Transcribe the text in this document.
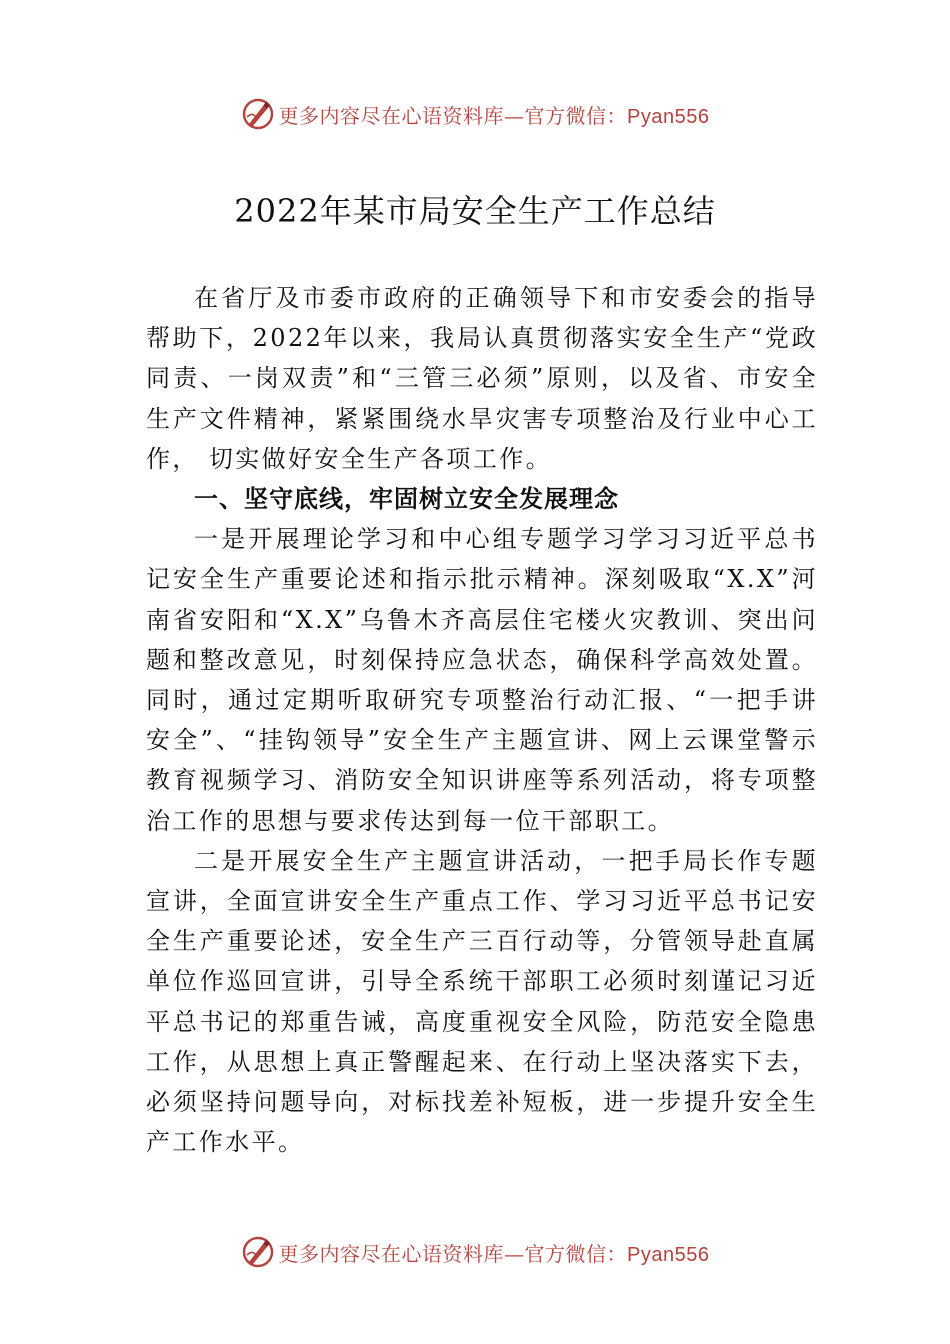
更多内容尽在心语资料库—官方微信：Pyan556
2022年某市局安全生产工作总结

在省厅及市委市政府的正确领导下和市安委会的指导帮助下，2022年以来，我局认真贯彻落实安全生产“党政同责、一岗双责”和“三管三必须”原则，以及省、市安全生产文件精神，紧紧围绕水旱灾害专项整治及行业中心工作， 切实做好安全生产各项工作。

一、坚守底线，牢固树立安全发展理念

一是开展理论学习和中心组专题学习学习习近平总书记安全生产重要论述和指示批示精神。深刻吸取“X.X”河南省安阳和“X.X”乌鲁木齐高层住宅楼火灾教训、突出问题和整改意见，时刻保持应急状态，确保科学高效处置。同时，通过定期听取研究专项整治行动汇报、“一把手讲安全”、“挂钩领导”安全生产主题宣讲、网上云课堂警示教育视频学习、消防安全知识讲座等系列活动，将专项整治工作的思想与要求传达到每一位干部职工。

二是开展安全生产主题宣讲活动，一把手局长作专题宣讲，全面宣讲安全生产重点工作、学习习近平总书记安全生产重要论述，安全生产三百行动等，分管领导赴直属单位作巡回宣讲，引导全系统干部职工必须时刻谨记习近平总书记的郑重告诫，高度重视安全风险，防范安全隐患工作，从思想上真正警醒起来、在行动上坚决落实下去，必须坚持问题导向，对标找差补短板，进一步提升安全生产工作水平。

更多内容尽在心语资料库—官方微信：Pyan556
